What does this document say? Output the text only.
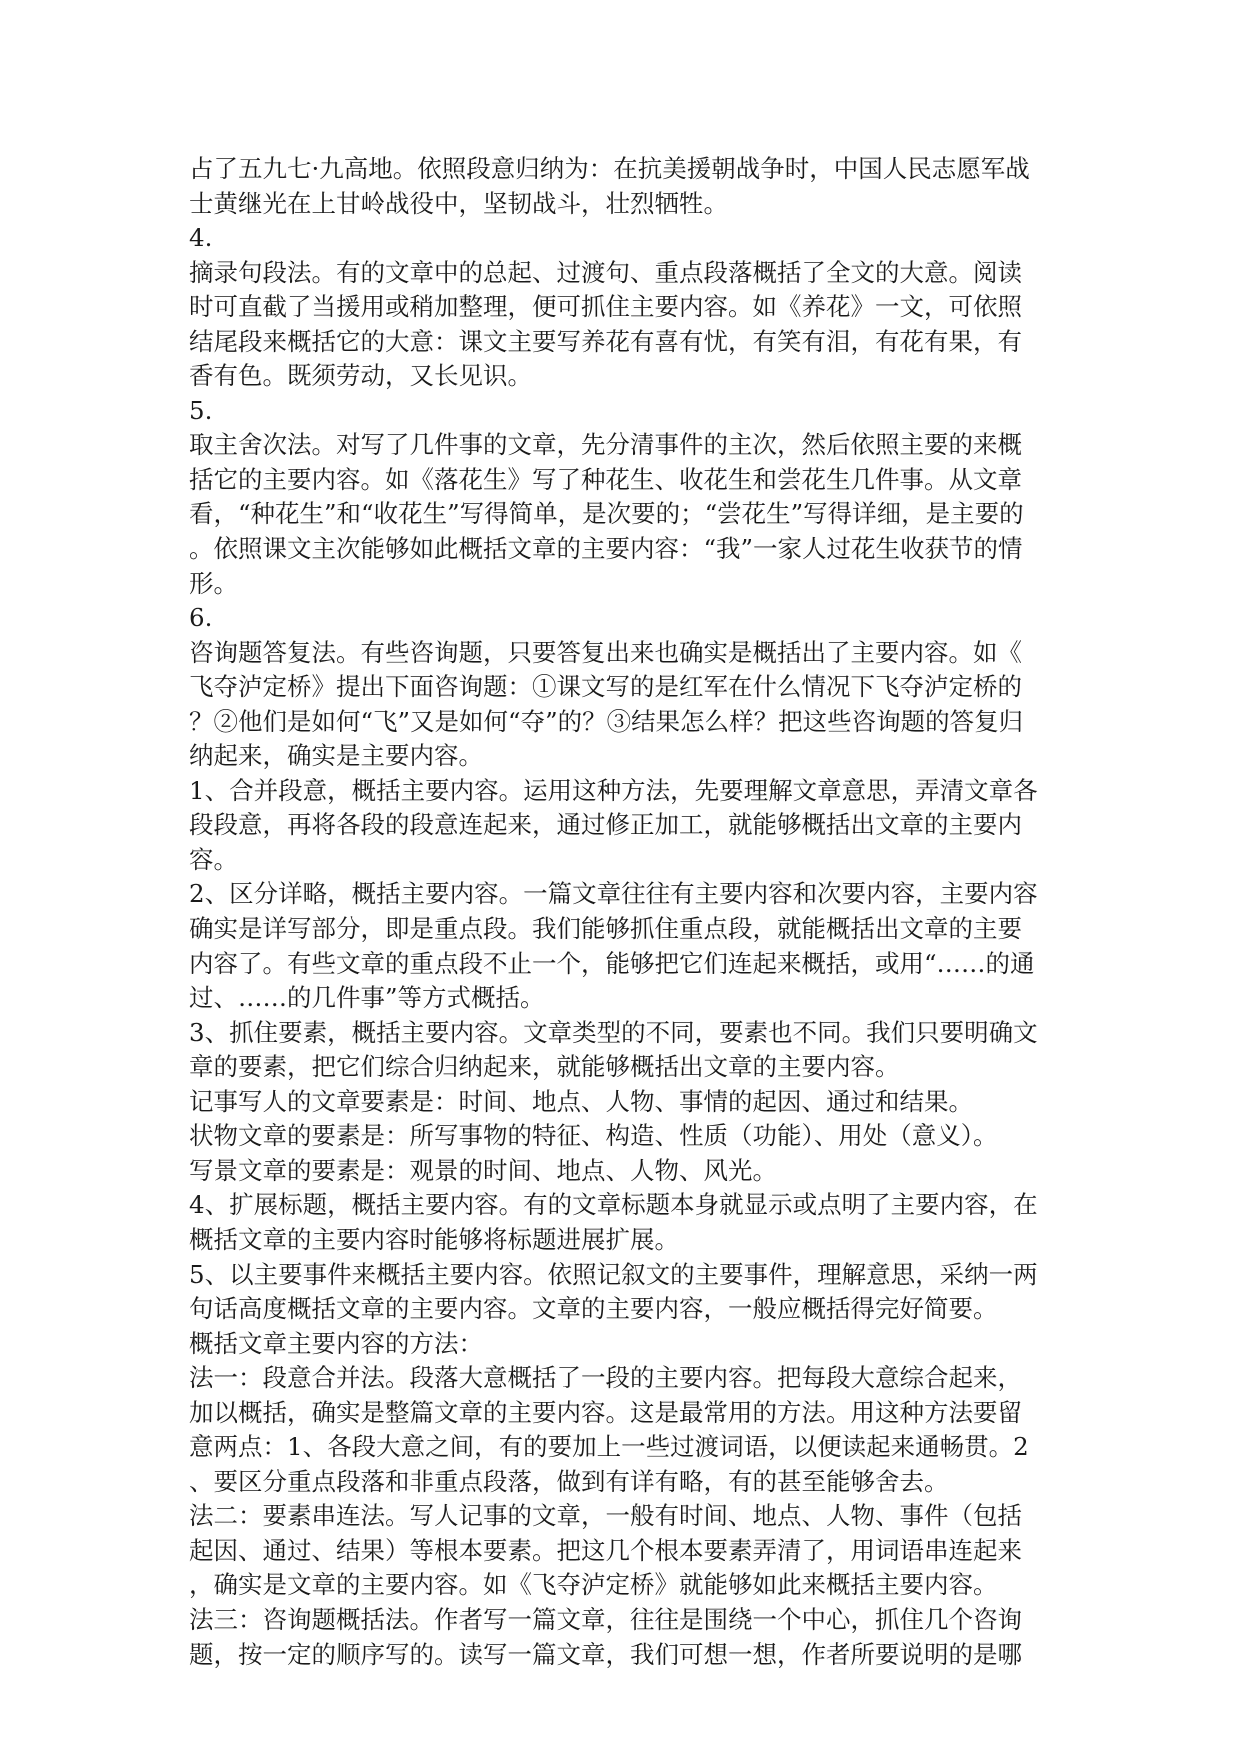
占了五九七·九高地。依照段意归纳为：在抗美援朝战争时，中国人民志愿军战
士黄继光在上甘岭战役中，坚韧战斗，壮烈牺牲。
4.
摘录句段法。有的文章中的总起、过渡句、重点段落概括了全文的大意。阅读
时可直截了当援用或稍加整理，便可抓住主要内容。如《养花》一文，可依照
结尾段来概括它的大意：课文主要写养花有喜有忧，有笑有泪，有花有果，有
香有色。既须劳动，又长见识。
5.
取主舍次法。对写了几件事的文章，先分清事件的主次，然后依照主要的来概
括它的主要内容。如《落花生》写了种花生、收花生和尝花生几件事。从文章
看，“种花生”和“收花生”写得简单，是次要的；“尝花生”写得详细，是主要的
。依照课文主次能够如此概括文章的主要内容：“我”一家人过花生收获节的情
形。
6.
咨询题答复法。有些咨询题，只要答复出来也确实是概括出了主要内容。如《
飞夺泸定桥》提出下面咨询题：①课文写的是红军在什么情况下飞夺泸定桥的
？②他们是如何“飞”又是如何“夺”的？③结果怎么样？把这些咨询题的答复归
纳起来，确实是主要内容。
1、合并段意，概括主要内容。运用这种方法，先要理解文章意思，弄清文章各
段段意，再将各段的段意连起来，通过修正加工，就能够概括出文章的主要内
容。
2、区分详略，概括主要内容。一篇文章往往有主要内容和次要内容，主要内容
确实是详写部分，即是重点段。我们能够抓住重点段，就能概括出文章的主要
内容了。有些文章的重点段不止一个，能够把它们连起来概括，或用“……的通
过、……的几件事”等方式概括。
3、抓住要素，概括主要内容。文章类型的不同，要素也不同。我们只要明确文
章的要素，把它们综合归纳起来，就能够概括出文章的主要内容。
记事写人的文章要素是：时间、地点、人物、事情的起因、通过和结果。
状物文章的要素是：所写事物的特征、构造、性质（功能）、用处（意义）。
写景文章的要素是：观景的时间、地点、人物、风光。
4、扩展标题，概括主要内容。有的文章标题本身就显示或点明了主要内容，在
概括文章的主要内容时能够将标题进展扩展。
5、以主要事件来概括主要内容。依照记叙文的主要事件，理解意思，采纳一两
句话高度概括文章的主要内容。文章的主要内容，一般应概括得完好简要。
概括文章主要内容的方法：
法一：段意合并法。段落大意概括了一段的主要内容。把每段大意综合起来，
加以概括，确实是整篇文章的主要内容。这是最常用的方法。用这种方法要留
意两点：1、各段大意之间，有的要加上一些过渡词语，以便读起来通畅贯。2
、要区分重点段落和非重点段落，做到有详有略，有的甚至能够舍去。
法二：要素串连法。写人记事的文章，一般有时间、地点、人物、事件（包括
起因、通过、结果）等根本要素。把这几个根本要素弄清了，用词语串连起来
，确实是文章的主要内容。如《飞夺泸定桥》就能够如此来概括主要内容。
法三：咨询题概括法。作者写一篇文章，往往是围绕一个中心，抓住几个咨询
题，按一定的顺序写的。读写一篇文章，我们可想一想，作者所要说明的是哪
